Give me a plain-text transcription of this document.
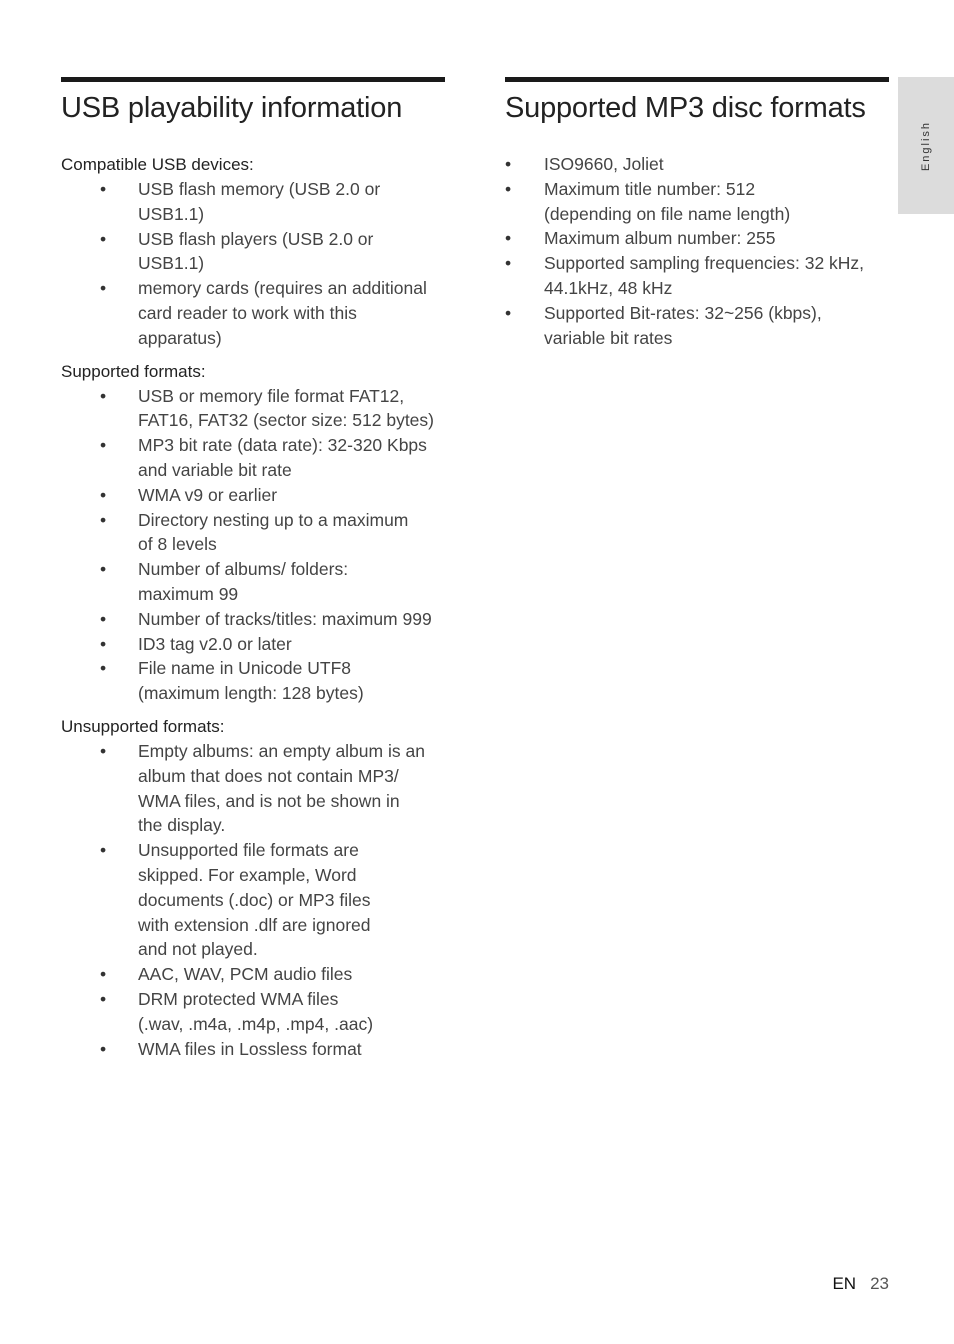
USB playability information

Compatible USB devices:

• USB flash memory (USB 2.0 or
USB1.1)
• USB flash players (USB 2.0 or
USB1.1)
• memory cards (requires an additional
card reader to work with this
apparatus)

Supported formats:

• USB or memory file format FAT12,
FAT16, FAT32 (sector size: 512 bytes)
• MP3 bit rate (data rate): 32-320 Kbps
and variable bit rate
• WMA v9 or earlier
• Directory nesting up to a maximum
of 8 levels
• Number of albums/ folders:
maximum 99
• Number of tracks/titles: maximum 999
• ID3 tag v2.0 or later
• File name in Unicode UTF8
(maximum length: 128 bytes)

Unsupported formats:

• Empty albums: an empty album is an
album that does not contain MP3/
WMA files, and is not be shown in
the display.
• Unsupported file formats are
skipped. For example, Word
documents (.doc) or MP3 files
with extension .dlf are ignored
and not played.
• AAC, WAV, PCM audio files
• DRM protected WMA files
(.wav, .m4a, .m4p, .mp4, .aac)
• WMA files in Lossless format
Supported MP3 disc formats
• ISO9660, Joliet
• Maximum title number: 512
(depending on file name length)
• Maximum album number: 255
• Supported sampling frequencies: 32 kHz,
44.1kHz, 48 kHz
• Supported Bit-rates: 32~256 (kbps),
variable bit rates
English
EN 23
